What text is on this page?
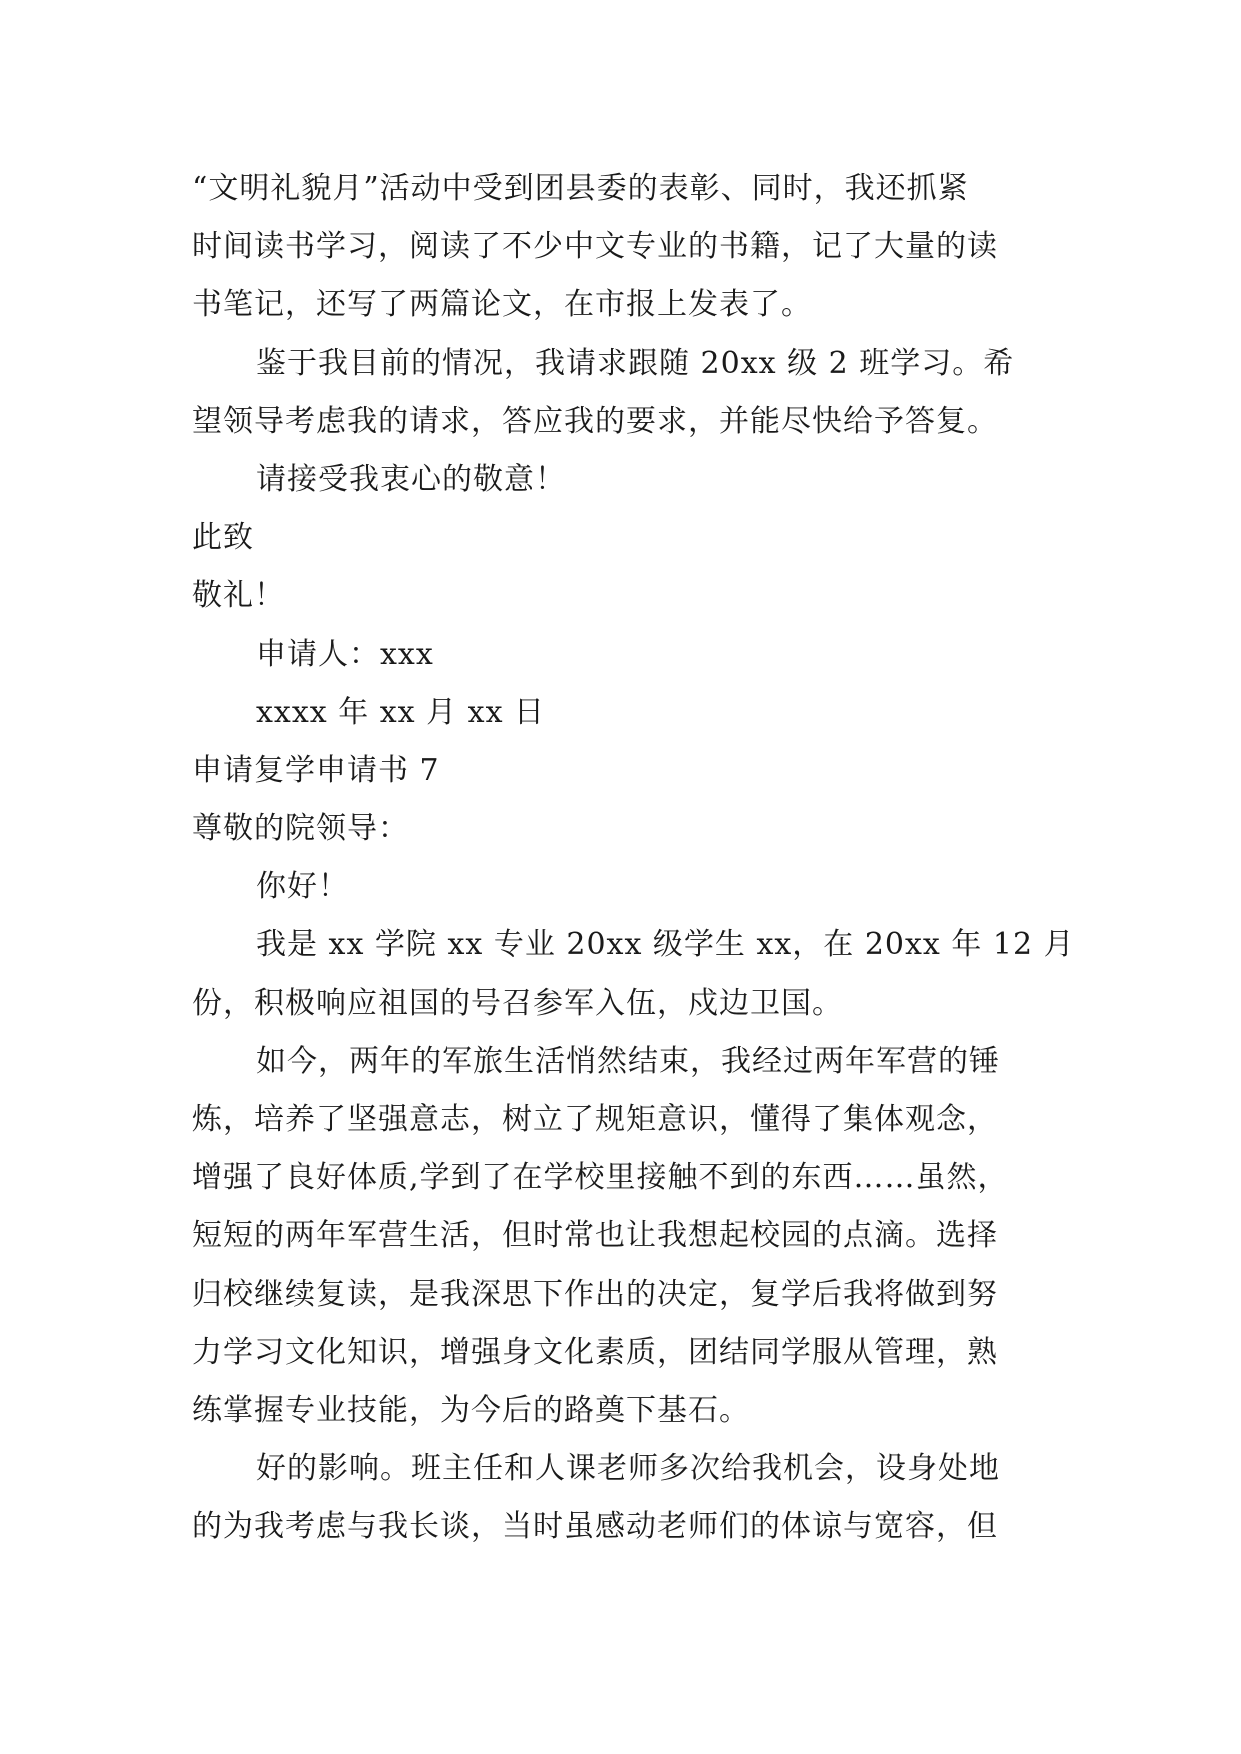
“文明礼貌月”活动中受到团县委的表彰、同时，我还抓紧
时间读书学习，阅读了不少中文专业的书籍，记了大量的读
书笔记，还写了两篇论文，在市报上发表了。
鉴于我目前的情况，我请求跟随 20xx 级 2 班学习。希
望领导考虑我的请求，答应我的要求，并能尽快给予答复。
请接受我衷心的敬意！
此致
敬礼！
申请人：xxx
xxxx 年 xx 月 xx 日
申请复学申请书 7
尊敬的院领导：
你好！
我是 xx 学院 xx 专业 20xx 级学生 xx，在 20xx 年 12 月
份，积极响应祖国的号召参军入伍，戍边卫国。
如今，两年的军旅生活悄然结束，我经过两年军营的锤
炼，培养了坚强意志，树立了规矩意识，懂得了集体观念，
增强了良好体质,学到了在学校里接触不到的东西……虽然，
短短的两年军营生活，但时常也让我想起校园的点滴。选择
归校继续复读，是我深思下作出的决定，复学后我将做到努
力学习文化知识，增强身文化素质，团结同学服从管理，熟
练掌握专业技能，为今后的路奠下基石。
好的影响。班主任和人课老师多次给我机会，设身处地
的为我考虑与我长谈，当时虽感动老师们的体谅与宽容，但
